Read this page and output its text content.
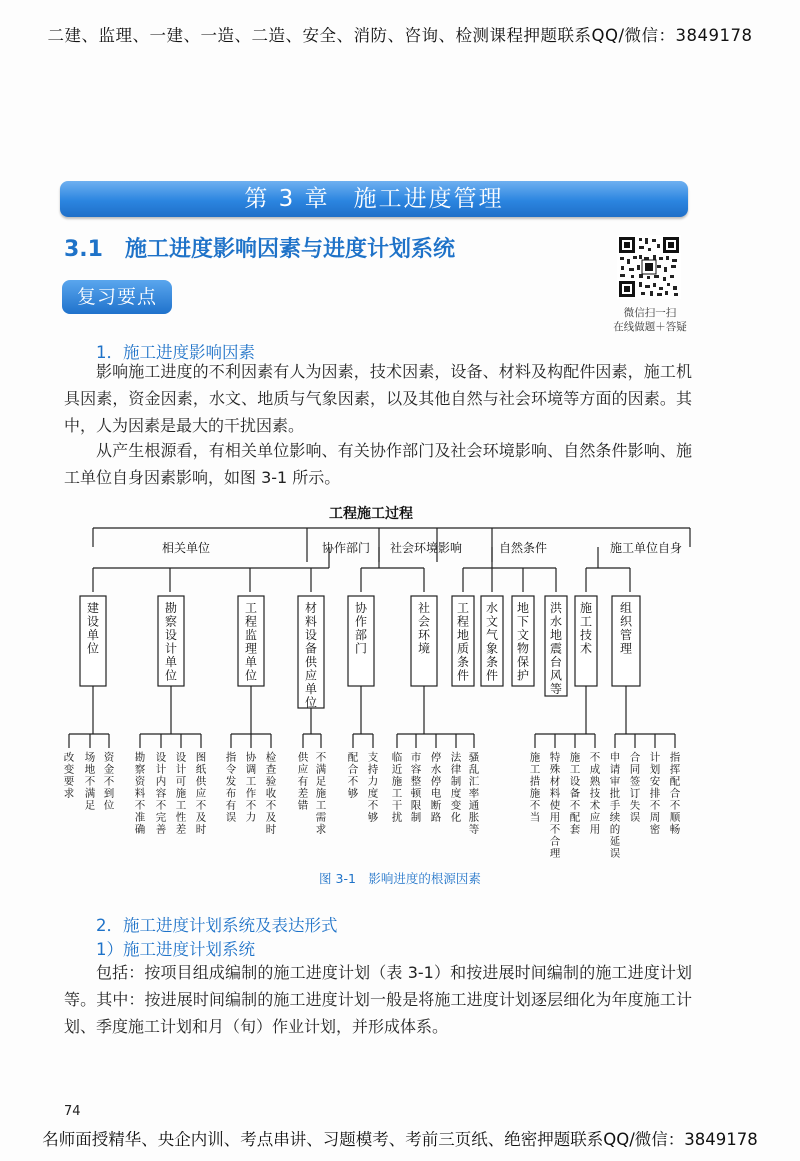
二建、监理、一建、一造、二造、安全、消防、咨询、检测课程押题联系QQ/微信：3849178
第 3 章 施工进度管理
3.1 施工进度影响因素与进度计划系统
复习要点
微信扫一扫
在线做题＋答疑
1．施工进度影响因素

影响施工进度的不利因素有人为因素，技术因素，设备、材料及构配件因素，施工机具因素，资金因素，水文、地质与气象因素，以及其他自然与社会环境等方面的因素。其中，人为因素是最大的干扰因素。

从产生根源看，有相关单位影响、有关协作部门及社会环境影响、自然条件影响、施工单位自身因素影响，如图 3-1 所示。

工程施工过程
相关单位	协作部门 社会环境影响	自然条件	施工单位自身
建设单位
勘察设计单位
工程监理单位
材料设备供应单位
协作部门
社会环境
工程地质条件
水文气象条件
地下文物保护
洪水地震台风等
施工技术
组织管理
改变要求
场地不满足
资金不到位
勘察资料不准确
设计内容不完善
设计可施工性差
图纸供应不及时
指令发布有误
协调工作不力
检查验收不及时
供应有差错
不满足施工需求
配合不够
支持力度不够
临近施工干扰
市容整顿限制
停水停电断路
法律制度变化
骚乱汇率通胀等
施工措施不当
特殊材料使用不合理
施工设备不配套
不成熟技术应用
申请审批手续的延误
合同签订失误
计划安排不周密
指挥配合不顺畅
图 3-1　影响进度的根源因素
2．施工进度计划系统及表达形式
1）施工进度计划系统

包括：按项目组成编制的施工进度计划（表 3-1）和按进展时间编制的施工进度计划等。其中：按进展时间编制的施工进度计划一般是将施工进度计划逐层细化为年度施工计划、季度施工计划和月（旬）作业计划，并形成体系。

74
名师面授精华、央企内训、考点串讲、习题模考、考前三页纸、绝密押题联系QQ/微信：3849178
